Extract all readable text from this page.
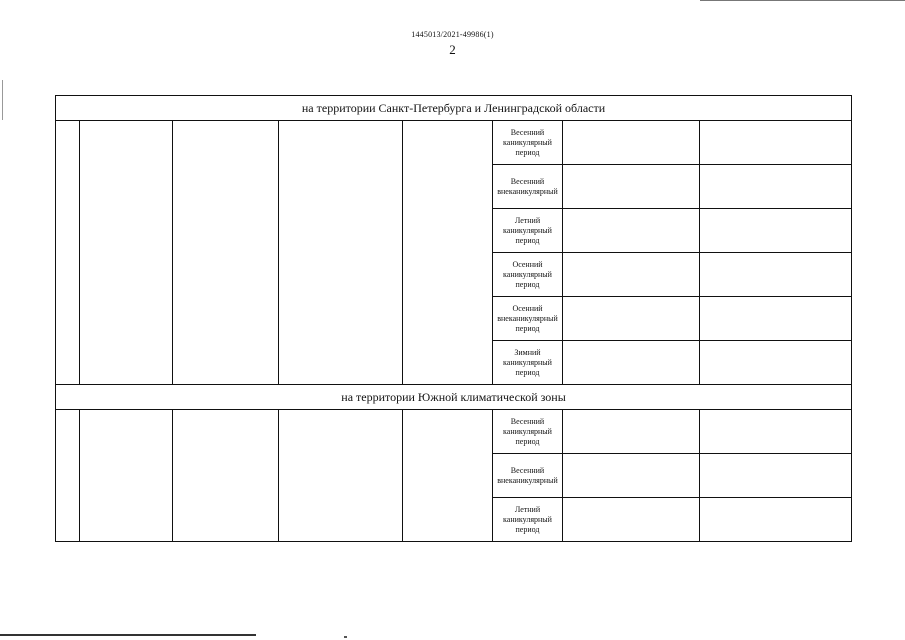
1445013/2021-49986(1)
2
на территории Санкт-Петербурга и Ленинградской области							
					Весенний каникулярный период		
					Весенний внеканикулярный		
					Летний каникулярный период		
					Осенний каникулярный период		
					Осенний внеканикулярный период		
					Зимний каникулярный период		
на территории Южной климатической зоны							
					Весенний каникулярный период		
					Весенний внеканикулярный		
					Летний каникулярный период		
